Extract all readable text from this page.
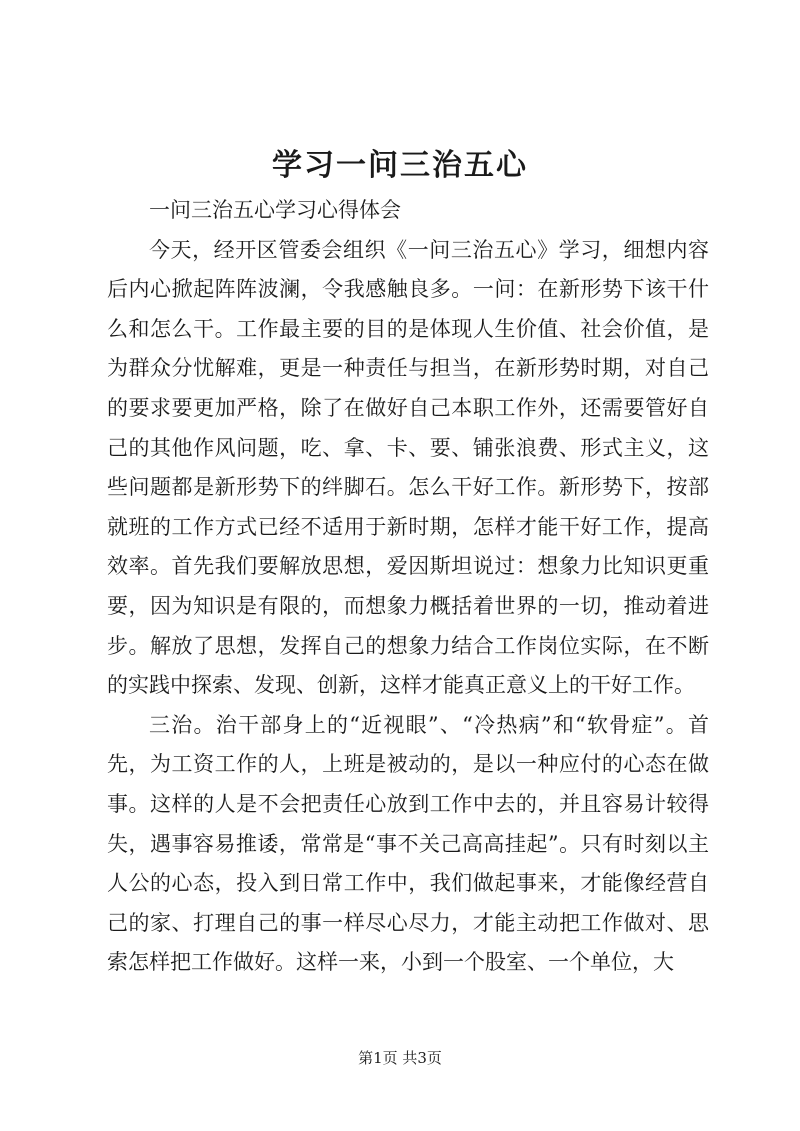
学习一问三治五心

一问三治五心学习心得体会

今天，经开区管委会组织《一问三治五心》学习，细想内容后内心掀起阵阵波澜，令我感触良多。一问：在新形势下该干什么和怎么干。工作最主要的目的是体现人生价值、社会价值，是为群众分忧解难，更是一种责任与担当，在新形势时期，对自己的要求要更加严格，除了在做好自己本职工作外，还需要管好自己的其他作风问题，吃、拿、卡、要、铺张浪费、形式主义，这些问题都是新形势下的绊脚石。怎么干好工作。新形势下，按部就班的工作方式已经不适用于新时期，怎样才能干好工作，提高效率。首先我们要解放思想，爱因斯坦说过：想象力比知识更重要，因为知识是有限的，而想象力概括着世界的一切，推动着进步。解放了思想，发挥自己的想象力结合工作岗位实际，在不断的实践中探索、发现、创新，这样才能真正意义上的干好工作。

三治。治干部身上的“近视眼”、“冷热病”和“软骨症”。首先，为工资工作的人，上班是被动的，是以一种应付的心态在做事。这样的人是不会把责任心放到工作中去的，并且容易计较得失，遇事容易推诿，常常是“事不关己高高挂起”。只有时刻以主人公的心态，投入到日常工作中，我们做起事来，才能像经营自己的家、打理自己的事一样尽心尽力，才能主动把工作做对、思索怎样把工作做好。这样一来，小到一个股室、一个单位，大

第1页 共3页
